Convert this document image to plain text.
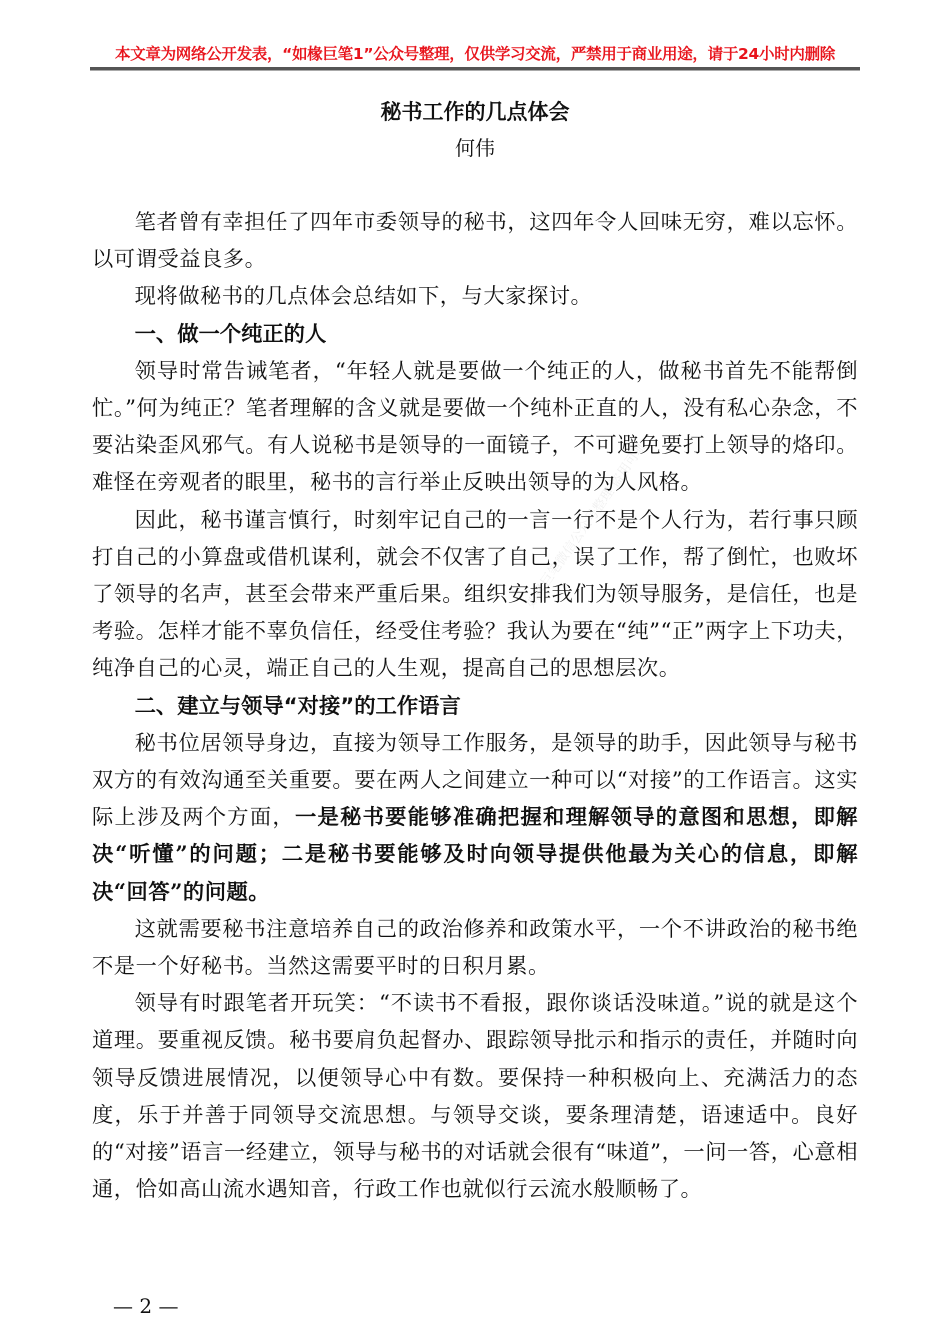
本文章为网络公开发表，“如椽巨笔1”公众号整理，仅供学习交流，严禁用于商业用途，请于24小时内删除
秘书工作的几点体会
何伟
如椽巨笔微信公众号整理 盗用可耻

笔者曾有幸担任了四年市委领导的秘书，这四年令人回味无穷，难以忘怀。以可谓受益良多。

现将做秘书的几点体会总结如下，与大家探讨。

一、做一个纯正的人

领导时常告诫笔者，“年轻人就是要做一个纯正的人，做秘书首先不能帮倒忙。”何为纯正？笔者理解的含义就是要做一个纯朴正直的人，没有私心杂念，不要沾染歪风邪气。有人说秘书是领导的一面镜子，不可避免要打上领导的烙印。难怪在旁观者的眼里，秘书的言行举止反映出领导的为人风格。

因此，秘书谨言慎行，时刻牢记自己的一言一行不是个人行为，若行事只顾打自己的小算盘或借机谋利，就会不仅害了自己，误了工作，帮了倒忙，也败坏了领导的名声，甚至会带来严重后果。组织安排我们为领导服务，是信任，也是考验。怎样才能不辜负信任，经受住考验？我认为要在“纯”“正”两字上下功夫，纯净自己的心灵，端正自己的人生观，提高自己的思想层次。

二、建立与领导“对接”的工作语言

秘书位居领导身边，直接为领导工作服务，是领导的助手，因此领导与秘书双方的有效沟通至关重要。要在两人之间建立一种可以“对接”的工作语言。这实际上涉及两个方面，一是秘书要能够准确把握和理解领导的意图和思想，即解决“听懂”的问题；二是秘书要能够及时向领导提供他最为关心的信息，即解决“回答”的问题。

这就需要秘书注意培养自己的政治修养和政策水平，一个不讲政治的秘书绝不是一个好秘书。当然这需要平时的日积月累。

领导有时跟笔者开玩笑：“不读书不看报，跟你谈话没味道。”说的就是这个道理。要重视反馈。秘书要肩负起督办、跟踪领导批示和指示的责任，并随时向领导反馈进展情况，以便领导心中有数。要保持一种积极向上、充满活力的态度，乐于并善于同领导交流思想。与领导交谈，要条理清楚，语速适中。良好的“对接”语言一经建立，领导与秘书的对话就会很有“味道”，一问一答，心意相通，恰如高山流水遇知音，行政工作也就似行云流水般顺畅了。

— 2 —
